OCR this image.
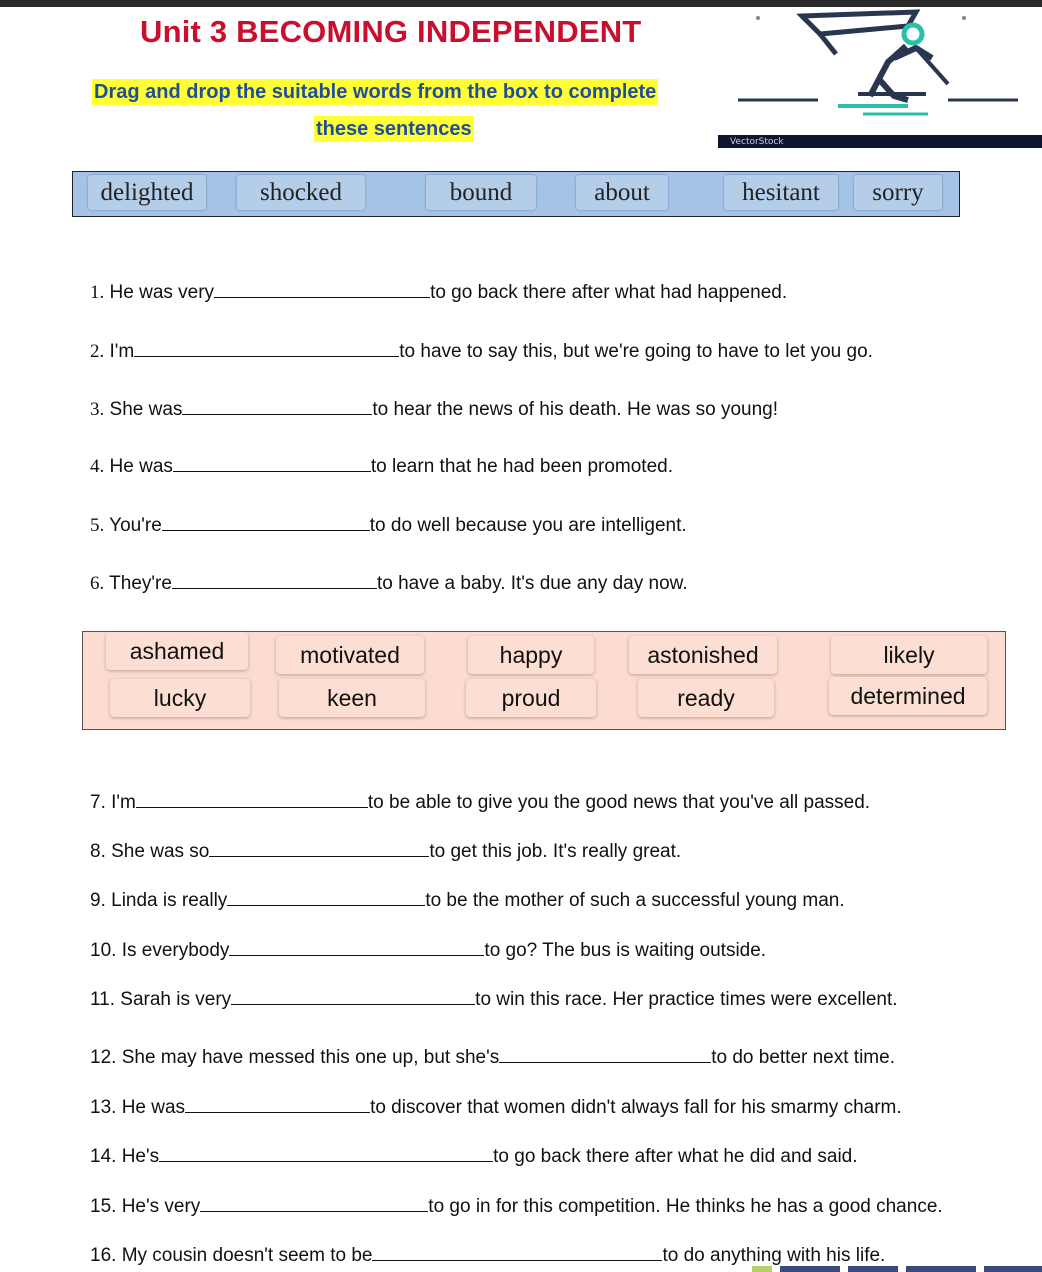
Unit 3 BECOMING INDEPENDENT
Drag and drop the suitable words from the box to complete
these sentences
VectorStock
delighted	shocked	bound	about	hesitant	sorry
1. He was very	to go back there after what had happened.
2. I'm	to have to say this, but we're going to have to let you go.
3. She was	to hear the news of his death. He was so young!
4. He was	to learn that he had been promoted.
5. You're	to do well because you are intelligent.
6. They're	to have a baby. It's due any day now.
ashamed	motivated	happy	astonished	likely
lucky	keen	proud	ready	determined
7. I'm	to be able to give you the good news that you've all passed.
8. She was so	to get this job. It's really great.
9. Linda is really	to be the mother of such a successful young man.
10. Is everybody	to go? The bus is waiting outside.
11. Sarah is very	to win this race. Her practice times were excellent.
12. She may have messed this one up, but she's	to do better next time.
13. He was	to discover that women didn't always fall for his smarmy charm.
14. He's	to go back there after what he did and said.
15. He's very	to go in for this competition. He thinks he has a good chance.
16. My cousin doesn't seem to be	to do anything with his life.
